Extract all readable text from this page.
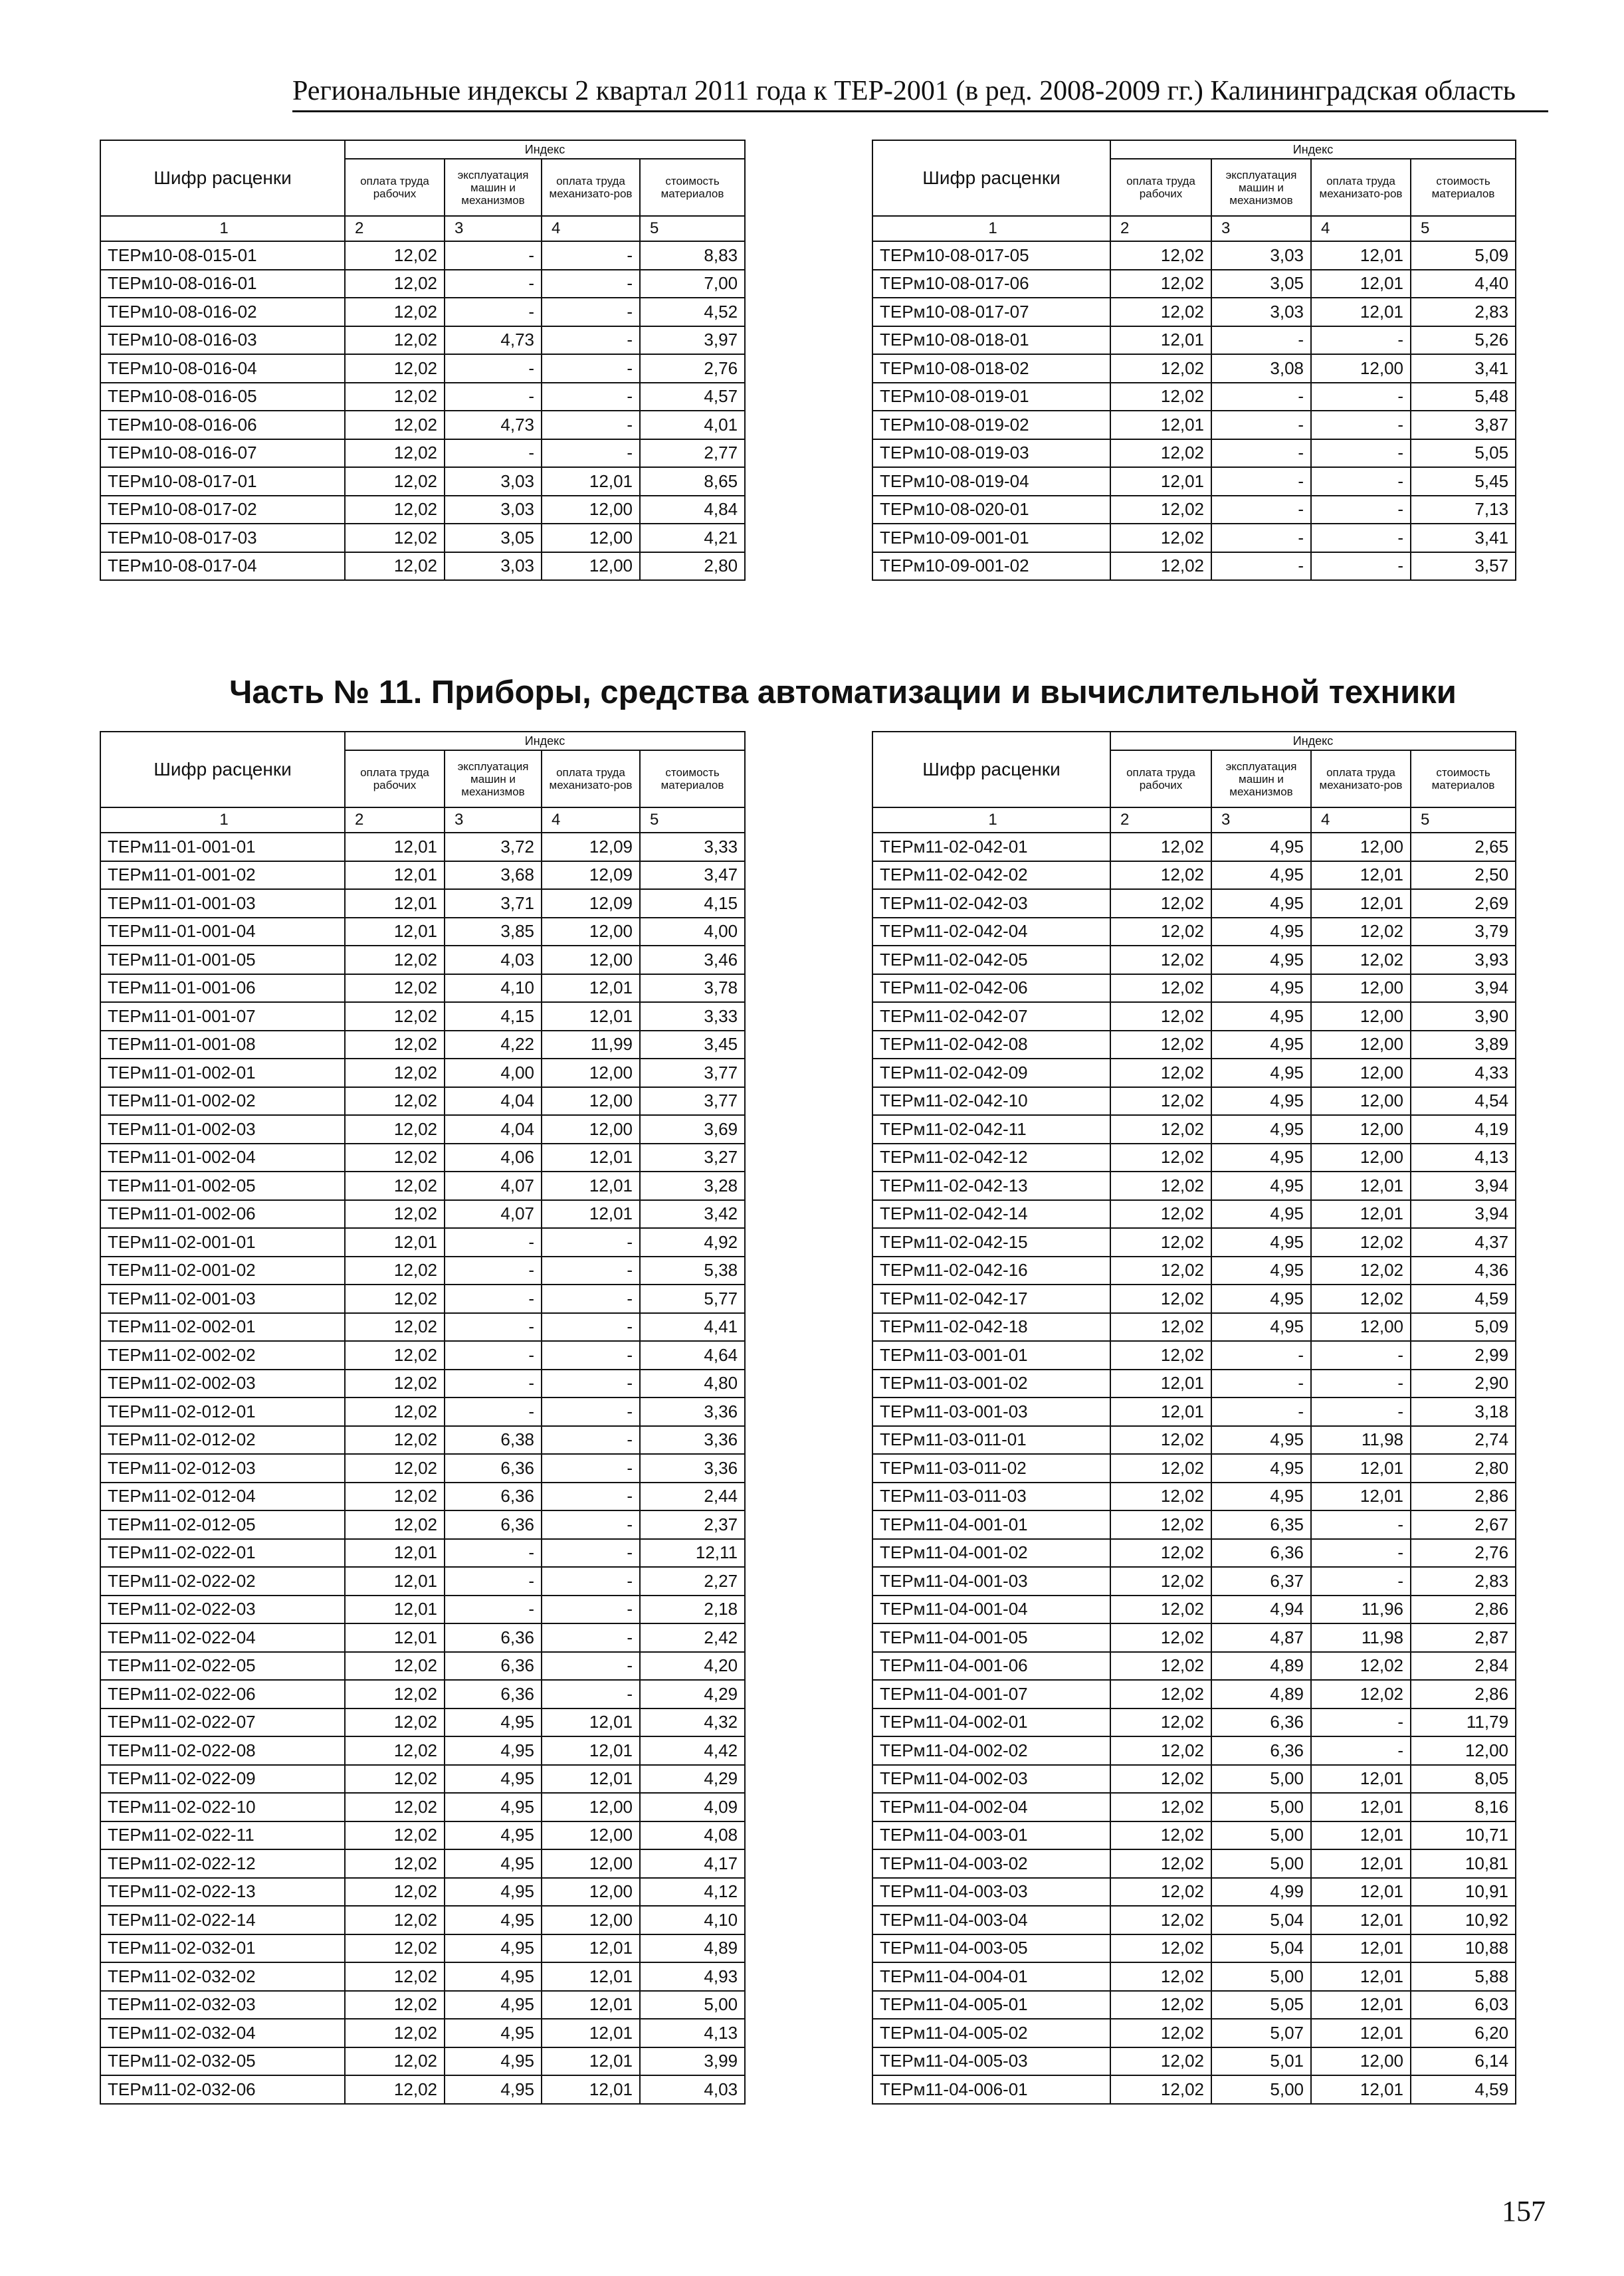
Региональные индексы 2 квартал 2011 года к ТЕР-2001 (в ред. 2008-2009 гг.) Калининградская область
Шифр расценки	Индекс			
	оплата труда рабочих	эксплуатация машин и механизмов	оплата труда механизато-ров	стоимость материалов
1	2	3	4	5
ТЕРм10-08-015-01	12,02	-	-	8,83
ТЕРм10-08-016-01	12,02	-	-	7,00
ТЕРм10-08-016-02	12,02	-	-	4,52
ТЕРм10-08-016-03	12,02	4,73	-	3,97
ТЕРм10-08-016-04	12,02	-	-	2,76
ТЕРм10-08-016-05	12,02	-	-	4,57
ТЕРм10-08-016-06	12,02	4,73	-	4,01
ТЕРм10-08-016-07	12,02	-	-	2,77
ТЕРм10-08-017-01	12,02	3,03	12,01	8,65
ТЕРм10-08-017-02	12,02	3,03	12,00	4,84
ТЕРм10-08-017-03	12,02	3,05	12,00	4,21
ТЕРм10-08-017-04	12,02	3,03	12,00	2,80
Шифр расценки	Индекс			
	оплата труда рабочих	эксплуатация машин и механизмов	оплата труда механизато-ров	стоимость материалов
1	2	3	4	5
ТЕРм10-08-017-05	12,02	3,03	12,01	5,09
ТЕРм10-08-017-06	12,02	3,05	12,01	4,40
ТЕРм10-08-017-07	12,02	3,03	12,01	2,83
ТЕРм10-08-018-01	12,01	-	-	5,26
ТЕРм10-08-018-02	12,02	3,08	12,00	3,41
ТЕРм10-08-019-01	12,02	-	-	5,48
ТЕРм10-08-019-02	12,01	-	-	3,87
ТЕРм10-08-019-03	12,02	-	-	5,05
ТЕРм10-08-019-04	12,01	-	-	5,45
ТЕРм10-08-020-01	12,02	-	-	7,13
ТЕРм10-09-001-01	12,02	-	-	3,41
ТЕРм10-09-001-02	12,02	-	-	3,57
Часть № 11. Приборы, средства автоматизации и вычислительной техники
Шифр расценки	Индекс			
	оплата труда рабочих	эксплуатация машин и механизмов	оплата труда механизато-ров	стоимость материалов
1	2	3	4	5
ТЕРм11-01-001-01	12,01	3,72	12,09	3,33
ТЕРм11-01-001-02	12,01	3,68	12,09	3,47
ТЕРм11-01-001-03	12,01	3,71	12,09	4,15
ТЕРм11-01-001-04	12,01	3,85	12,00	4,00
ТЕРм11-01-001-05	12,02	4,03	12,00	3,46
ТЕРм11-01-001-06	12,02	4,10	12,01	3,78
ТЕРм11-01-001-07	12,02	4,15	12,01	3,33
ТЕРм11-01-001-08	12,02	4,22	11,99	3,45
ТЕРм11-01-002-01	12,02	4,00	12,00	3,77
ТЕРм11-01-002-02	12,02	4,04	12,00	3,77
ТЕРм11-01-002-03	12,02	4,04	12,00	3,69
ТЕРм11-01-002-04	12,02	4,06	12,01	3,27
ТЕРм11-01-002-05	12,02	4,07	12,01	3,28
ТЕРм11-01-002-06	12,02	4,07	12,01	3,42
ТЕРм11-02-001-01	12,01	-	-	4,92
ТЕРм11-02-001-02	12,02	-	-	5,38
ТЕРм11-02-001-03	12,02	-	-	5,77
ТЕРм11-02-002-01	12,02	-	-	4,41
ТЕРм11-02-002-02	12,02	-	-	4,64
ТЕРм11-02-002-03	12,02	-	-	4,80
ТЕРм11-02-012-01	12,02	-	-	3,36
ТЕРм11-02-012-02	12,02	6,38	-	3,36
ТЕРм11-02-012-03	12,02	6,36	-	3,36
ТЕРм11-02-012-04	12,02	6,36	-	2,44
ТЕРм11-02-012-05	12,02	6,36	-	2,37
ТЕРм11-02-022-01	12,01	-	-	12,11
ТЕРм11-02-022-02	12,01	-	-	2,27
ТЕРм11-02-022-03	12,01	-	-	2,18
ТЕРм11-02-022-04	12,01	6,36	-	2,42
ТЕРм11-02-022-05	12,02	6,36	-	4,20
ТЕРм11-02-022-06	12,02	6,36	-	4,29
ТЕРм11-02-022-07	12,02	4,95	12,01	4,32
ТЕРм11-02-022-08	12,02	4,95	12,01	4,42
ТЕРм11-02-022-09	12,02	4,95	12,01	4,29
ТЕРм11-02-022-10	12,02	4,95	12,00	4,09
ТЕРм11-02-022-11	12,02	4,95	12,00	4,08
ТЕРм11-02-022-12	12,02	4,95	12,00	4,17
ТЕРм11-02-022-13	12,02	4,95	12,00	4,12
ТЕРм11-02-022-14	12,02	4,95	12,00	4,10
ТЕРм11-02-032-01	12,02	4,95	12,01	4,89
ТЕРм11-02-032-02	12,02	4,95	12,01	4,93
ТЕРм11-02-032-03	12,02	4,95	12,01	5,00
ТЕРм11-02-032-04	12,02	4,95	12,01	4,13
ТЕРм11-02-032-05	12,02	4,95	12,01	3,99
ТЕРм11-02-032-06	12,02	4,95	12,01	4,03
Шифр расценки	Индекс			
	оплата труда рабочих	эксплуатация машин и механизмов	оплата труда механизато-ров	стоимость материалов
1	2	3	4	5
ТЕРм11-02-042-01	12,02	4,95	12,00	2,65
ТЕРм11-02-042-02	12,02	4,95	12,01	2,50
ТЕРм11-02-042-03	12,02	4,95	12,01	2,69
ТЕРм11-02-042-04	12,02	4,95	12,02	3,79
ТЕРм11-02-042-05	12,02	4,95	12,02	3,93
ТЕРм11-02-042-06	12,02	4,95	12,00	3,94
ТЕРм11-02-042-07	12,02	4,95	12,00	3,90
ТЕРм11-02-042-08	12,02	4,95	12,00	3,89
ТЕРм11-02-042-09	12,02	4,95	12,00	4,33
ТЕРм11-02-042-10	12,02	4,95	12,00	4,54
ТЕРм11-02-042-11	12,02	4,95	12,00	4,19
ТЕРм11-02-042-12	12,02	4,95	12,00	4,13
ТЕРм11-02-042-13	12,02	4,95	12,01	3,94
ТЕРм11-02-042-14	12,02	4,95	12,01	3,94
ТЕРм11-02-042-15	12,02	4,95	12,02	4,37
ТЕРм11-02-042-16	12,02	4,95	12,02	4,36
ТЕРм11-02-042-17	12,02	4,95	12,02	4,59
ТЕРм11-02-042-18	12,02	4,95	12,00	5,09
ТЕРм11-03-001-01	12,02	-	-	2,99
ТЕРм11-03-001-02	12,01	-	-	2,90
ТЕРм11-03-001-03	12,01	-	-	3,18
ТЕРм11-03-011-01	12,02	4,95	11,98	2,74
ТЕРм11-03-011-02	12,02	4,95	12,01	2,80
ТЕРм11-03-011-03	12,02	4,95	12,01	2,86
ТЕРм11-04-001-01	12,02	6,35	-	2,67
ТЕРм11-04-001-02	12,02	6,36	-	2,76
ТЕРм11-04-001-03	12,02	6,37	-	2,83
ТЕРм11-04-001-04	12,02	4,94	11,96	2,86
ТЕРм11-04-001-05	12,02	4,87	11,98	2,87
ТЕРм11-04-001-06	12,02	4,89	12,02	2,84
ТЕРм11-04-001-07	12,02	4,89	12,02	2,86
ТЕРм11-04-002-01	12,02	6,36	-	11,79
ТЕРм11-04-002-02	12,02	6,36	-	12,00
ТЕРм11-04-002-03	12,02	5,00	12,01	8,05
ТЕРм11-04-002-04	12,02	5,00	12,01	8,16
ТЕРм11-04-003-01	12,02	5,00	12,01	10,71
ТЕРм11-04-003-02	12,02	5,00	12,01	10,81
ТЕРм11-04-003-03	12,02	4,99	12,01	10,91
ТЕРм11-04-003-04	12,02	5,04	12,01	10,92
ТЕРм11-04-003-05	12,02	5,04	12,01	10,88
ТЕРм11-04-004-01	12,02	5,00	12,01	5,88
ТЕРм11-04-005-01	12,02	5,05	12,01	6,03
ТЕРм11-04-005-02	12,02	5,07	12,01	6,20
ТЕРм11-04-005-03	12,02	5,01	12,00	6,14
ТЕРм11-04-006-01	12,02	5,00	12,01	4,59
157
